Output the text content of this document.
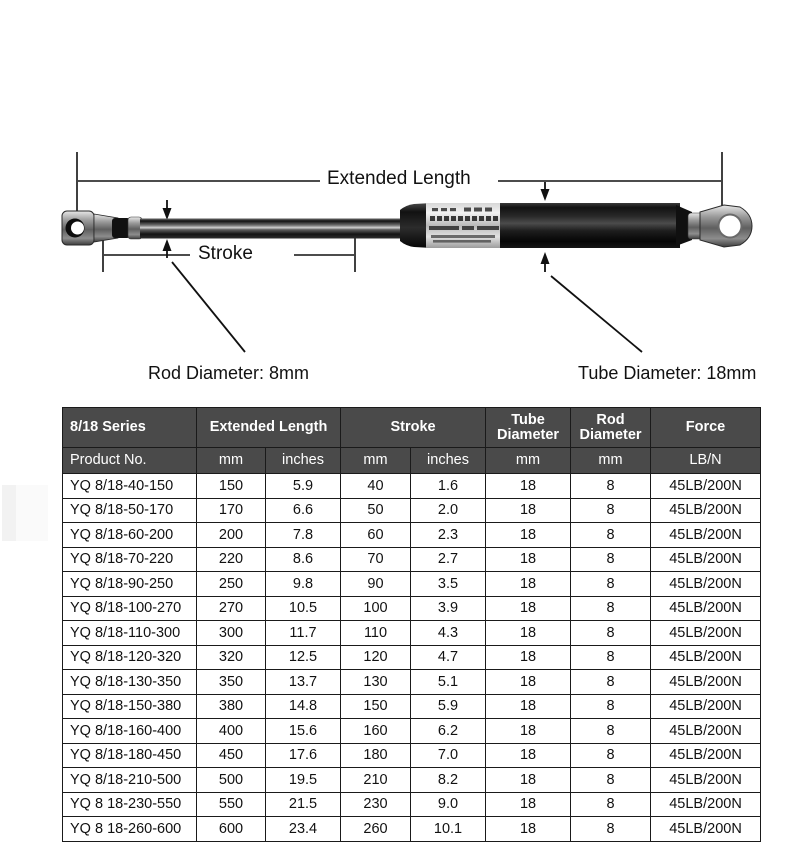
Extended Length
Stroke
Rod Diameter: 8mm	Tube Diameter: 18mm
8/18 Series	Extended Length		Stroke		Tube Diameter	Rod Diameter	Force
Product No.	mm	inches	mm	inches	mm	mm	LB/N
YQ 8/18-40-150	150	5.9	40	1.6	18	8	45LB/200N
YQ 8/18-50-170	170	6.6	50	2.0	18	8	45LB/200N
YQ 8/18-60-200	200	7.8	60	2.3	18	8	45LB/200N
YQ 8/18-70-220	220	8.6	70	2.7	18	8	45LB/200N
YQ 8/18-90-250	250	9.8	90	3.5	18	8	45LB/200N
YQ 8/18-100-270	270	10.5	100	3.9	18	8	45LB/200N
YQ 8/18-110-300	300	11.7	110	4.3	18	8	45LB/200N
YQ 8/18-120-320	320	12.5	120	4.7	18	8	45LB/200N
YQ 8/18-130-350	350	13.7	130	5.1	18	8	45LB/200N
YQ 8/18-150-380	380	14.8	150	5.9	18	8	45LB/200N
YQ 8/18-160-400	400	15.6	160	6.2	18	8	45LB/200N
YQ 8/18-180-450	450	17.6	180	7.0	18	8	45LB/200N
YQ 8/18-210-500	500	19.5	210	8.2	18	8	45LB/200N
YQ 8 18-230-550	550	21.5	230	9.0	18	8	45LB/200N
YQ 8 18-260-600	600	23.4	260	10.1	18	8	45LB/200N
